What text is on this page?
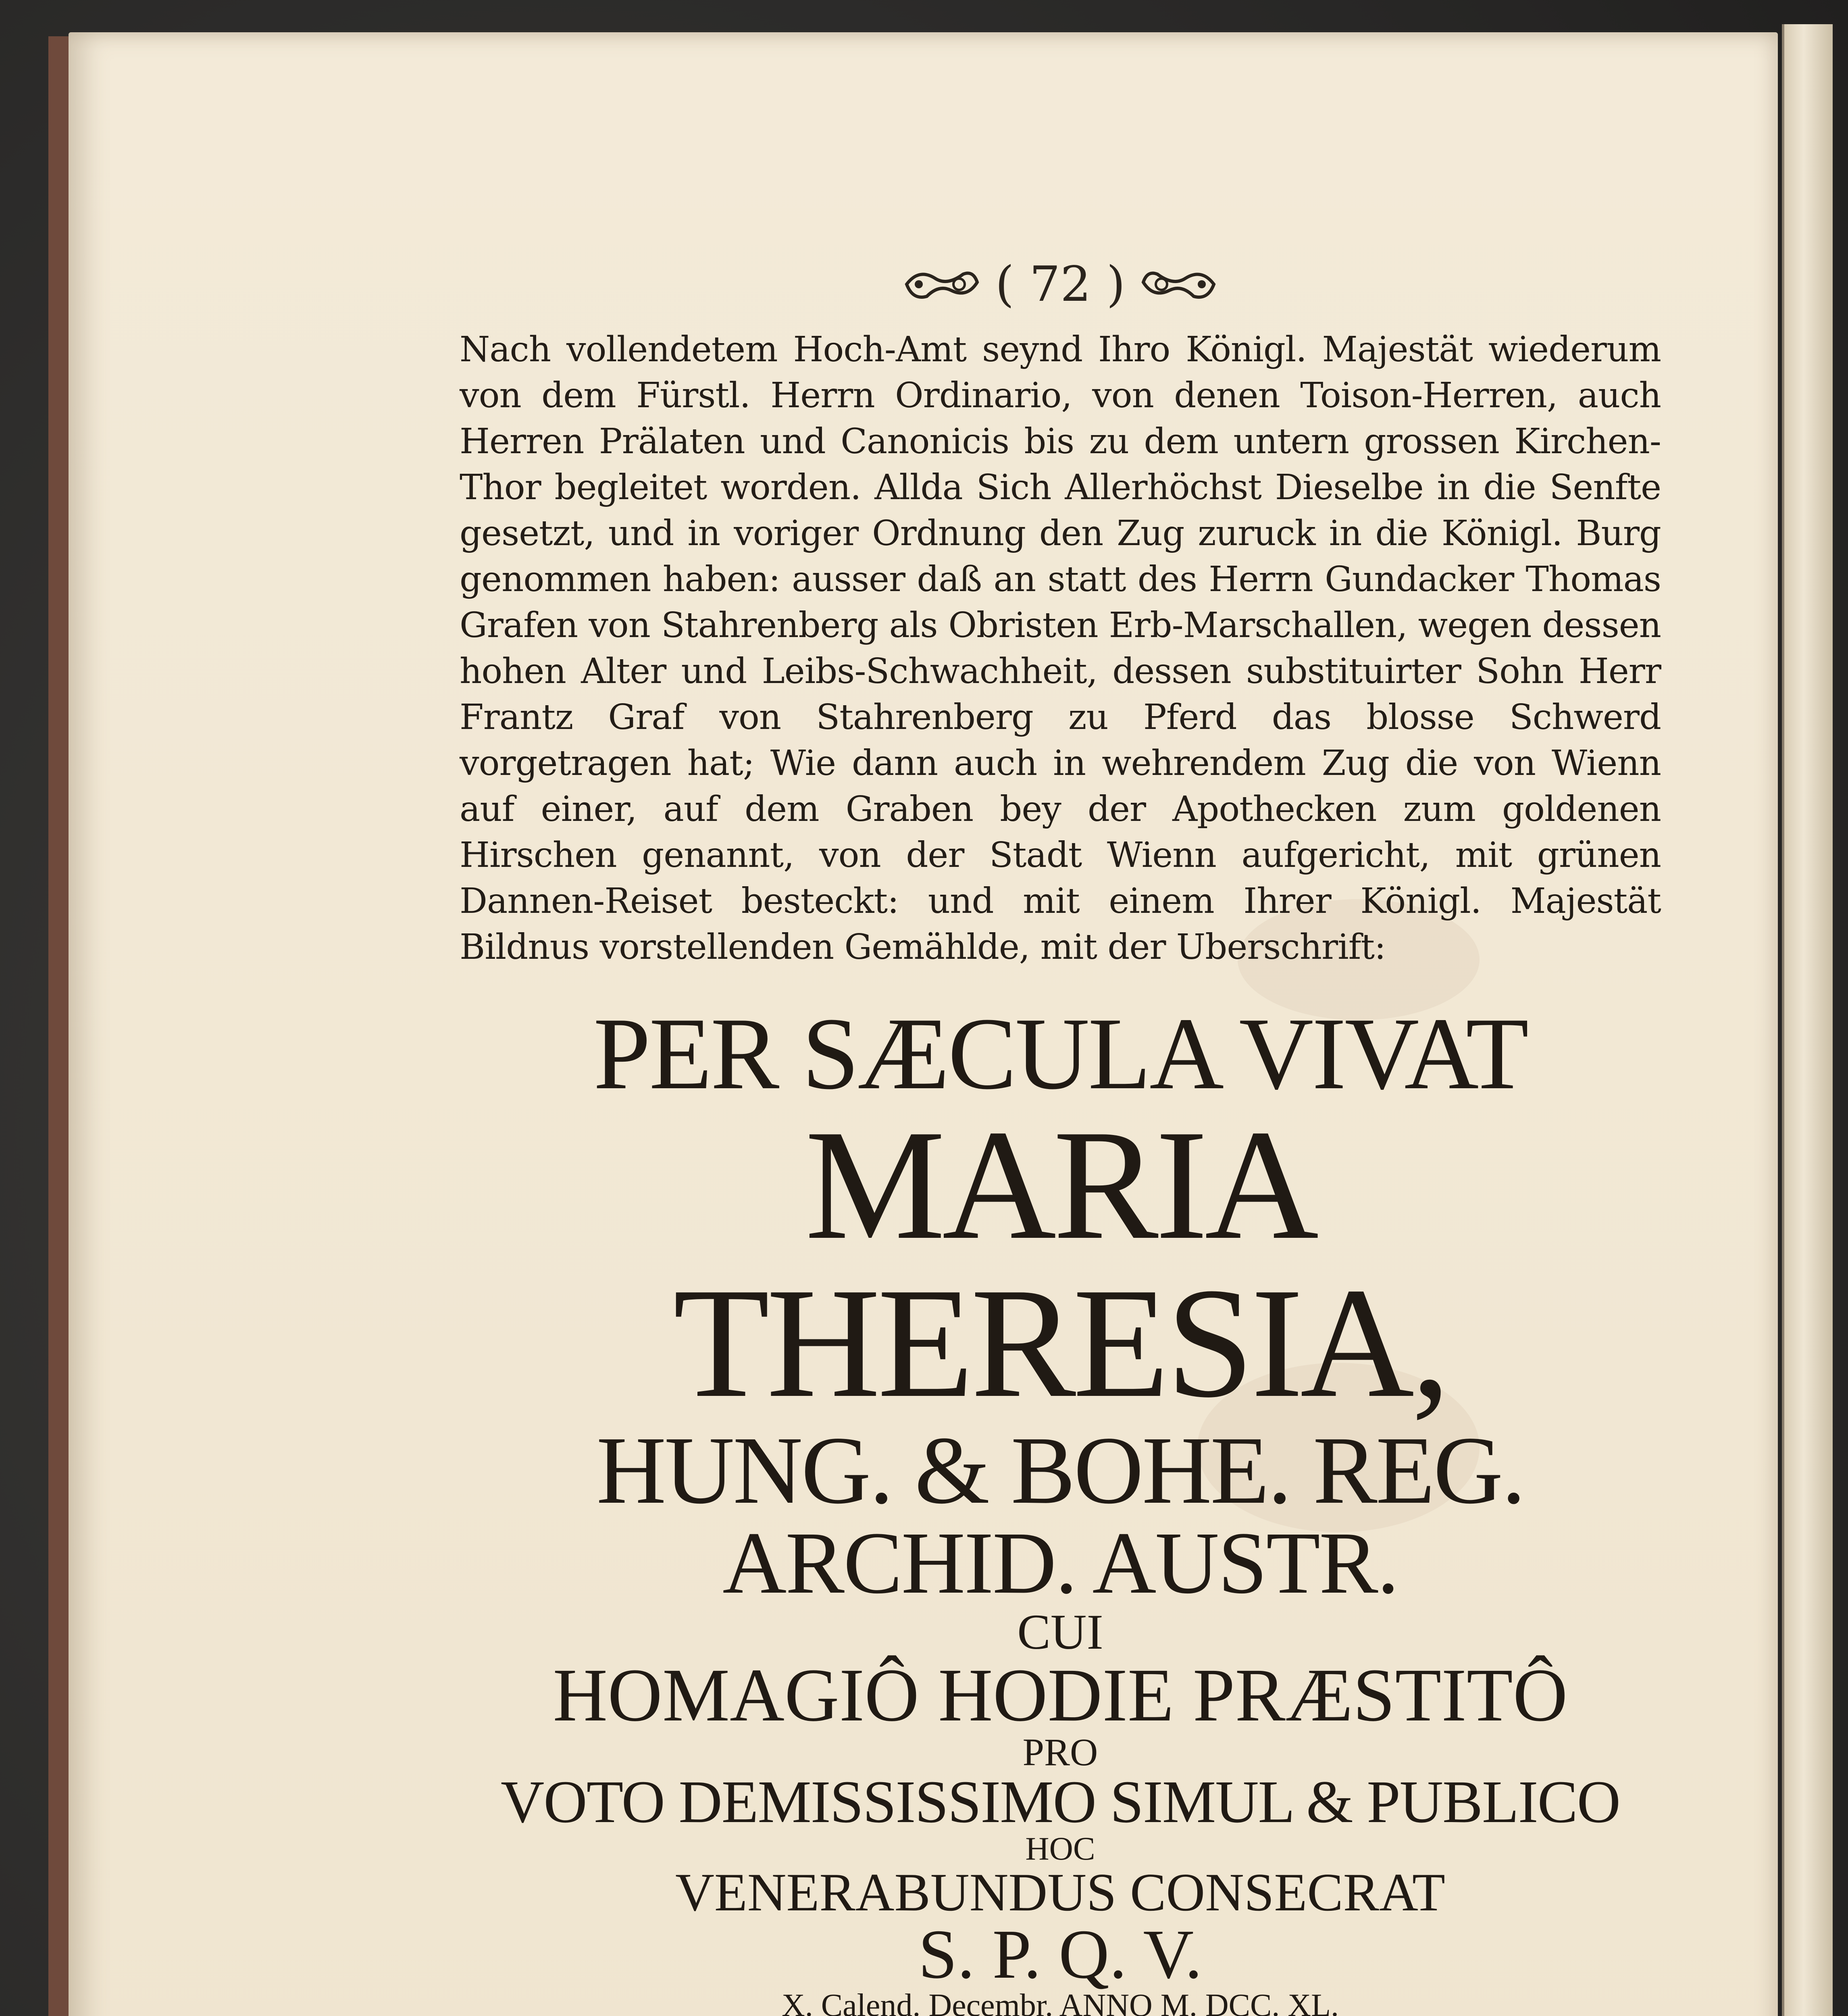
( 72 )

Nach vollendetem Hoch-Amt seynd Ihro Königl. Majestät wiederum von dem Fürstl. Herrn Ordinario, von denen Toison-Herren, auch Herren Prälaten und Canonicis bis zu dem untern grossen Kirchen-Thor begleitet worden. Allda Sich Allerhöchst Dieselbe in die Senfte gesetzt, und in voriger Ordnung den Zug zuruck in die Königl. Burg genommen haben: ausser daß an statt des Herrn Gundacker Thomas Grafen von Stahrenberg als Obristen Erb-Marschallen, wegen dessen hohen Alter und Leibs-Schwachheit, dessen substituirter Sohn Herr Frantz Graf von Stahrenberg zu Pferd das blosse Schwerd vorgetragen hat; Wie dann auch in wehrendem Zug die von Wienn auf einer, auf dem Graben bey der Apothecken zum goldenen Hirschen genannt, von der Stadt Wienn aufgericht, mit grünen Dannen-Reiset besteckt: und mit einem Ihrer Königl. Majestät Bildnus vorstellenden Gemählde, mit der Uberschrift:

PER SÆCULA VIVAT
MARIA THERESIA,
HUNG. & BOHE. REG.
ARCHID. AUSTR.
CUI
HOMAGIÔ HODIE PRÆSTITÔ
PRO
VOTO DEMISSISSIMO SIMUL & PUBLICO
HOC
VENERABUNDUS CONSECRAT
S. P. Q. V.
X. Calend. Decembr. ANNO M. DCC. XL.
